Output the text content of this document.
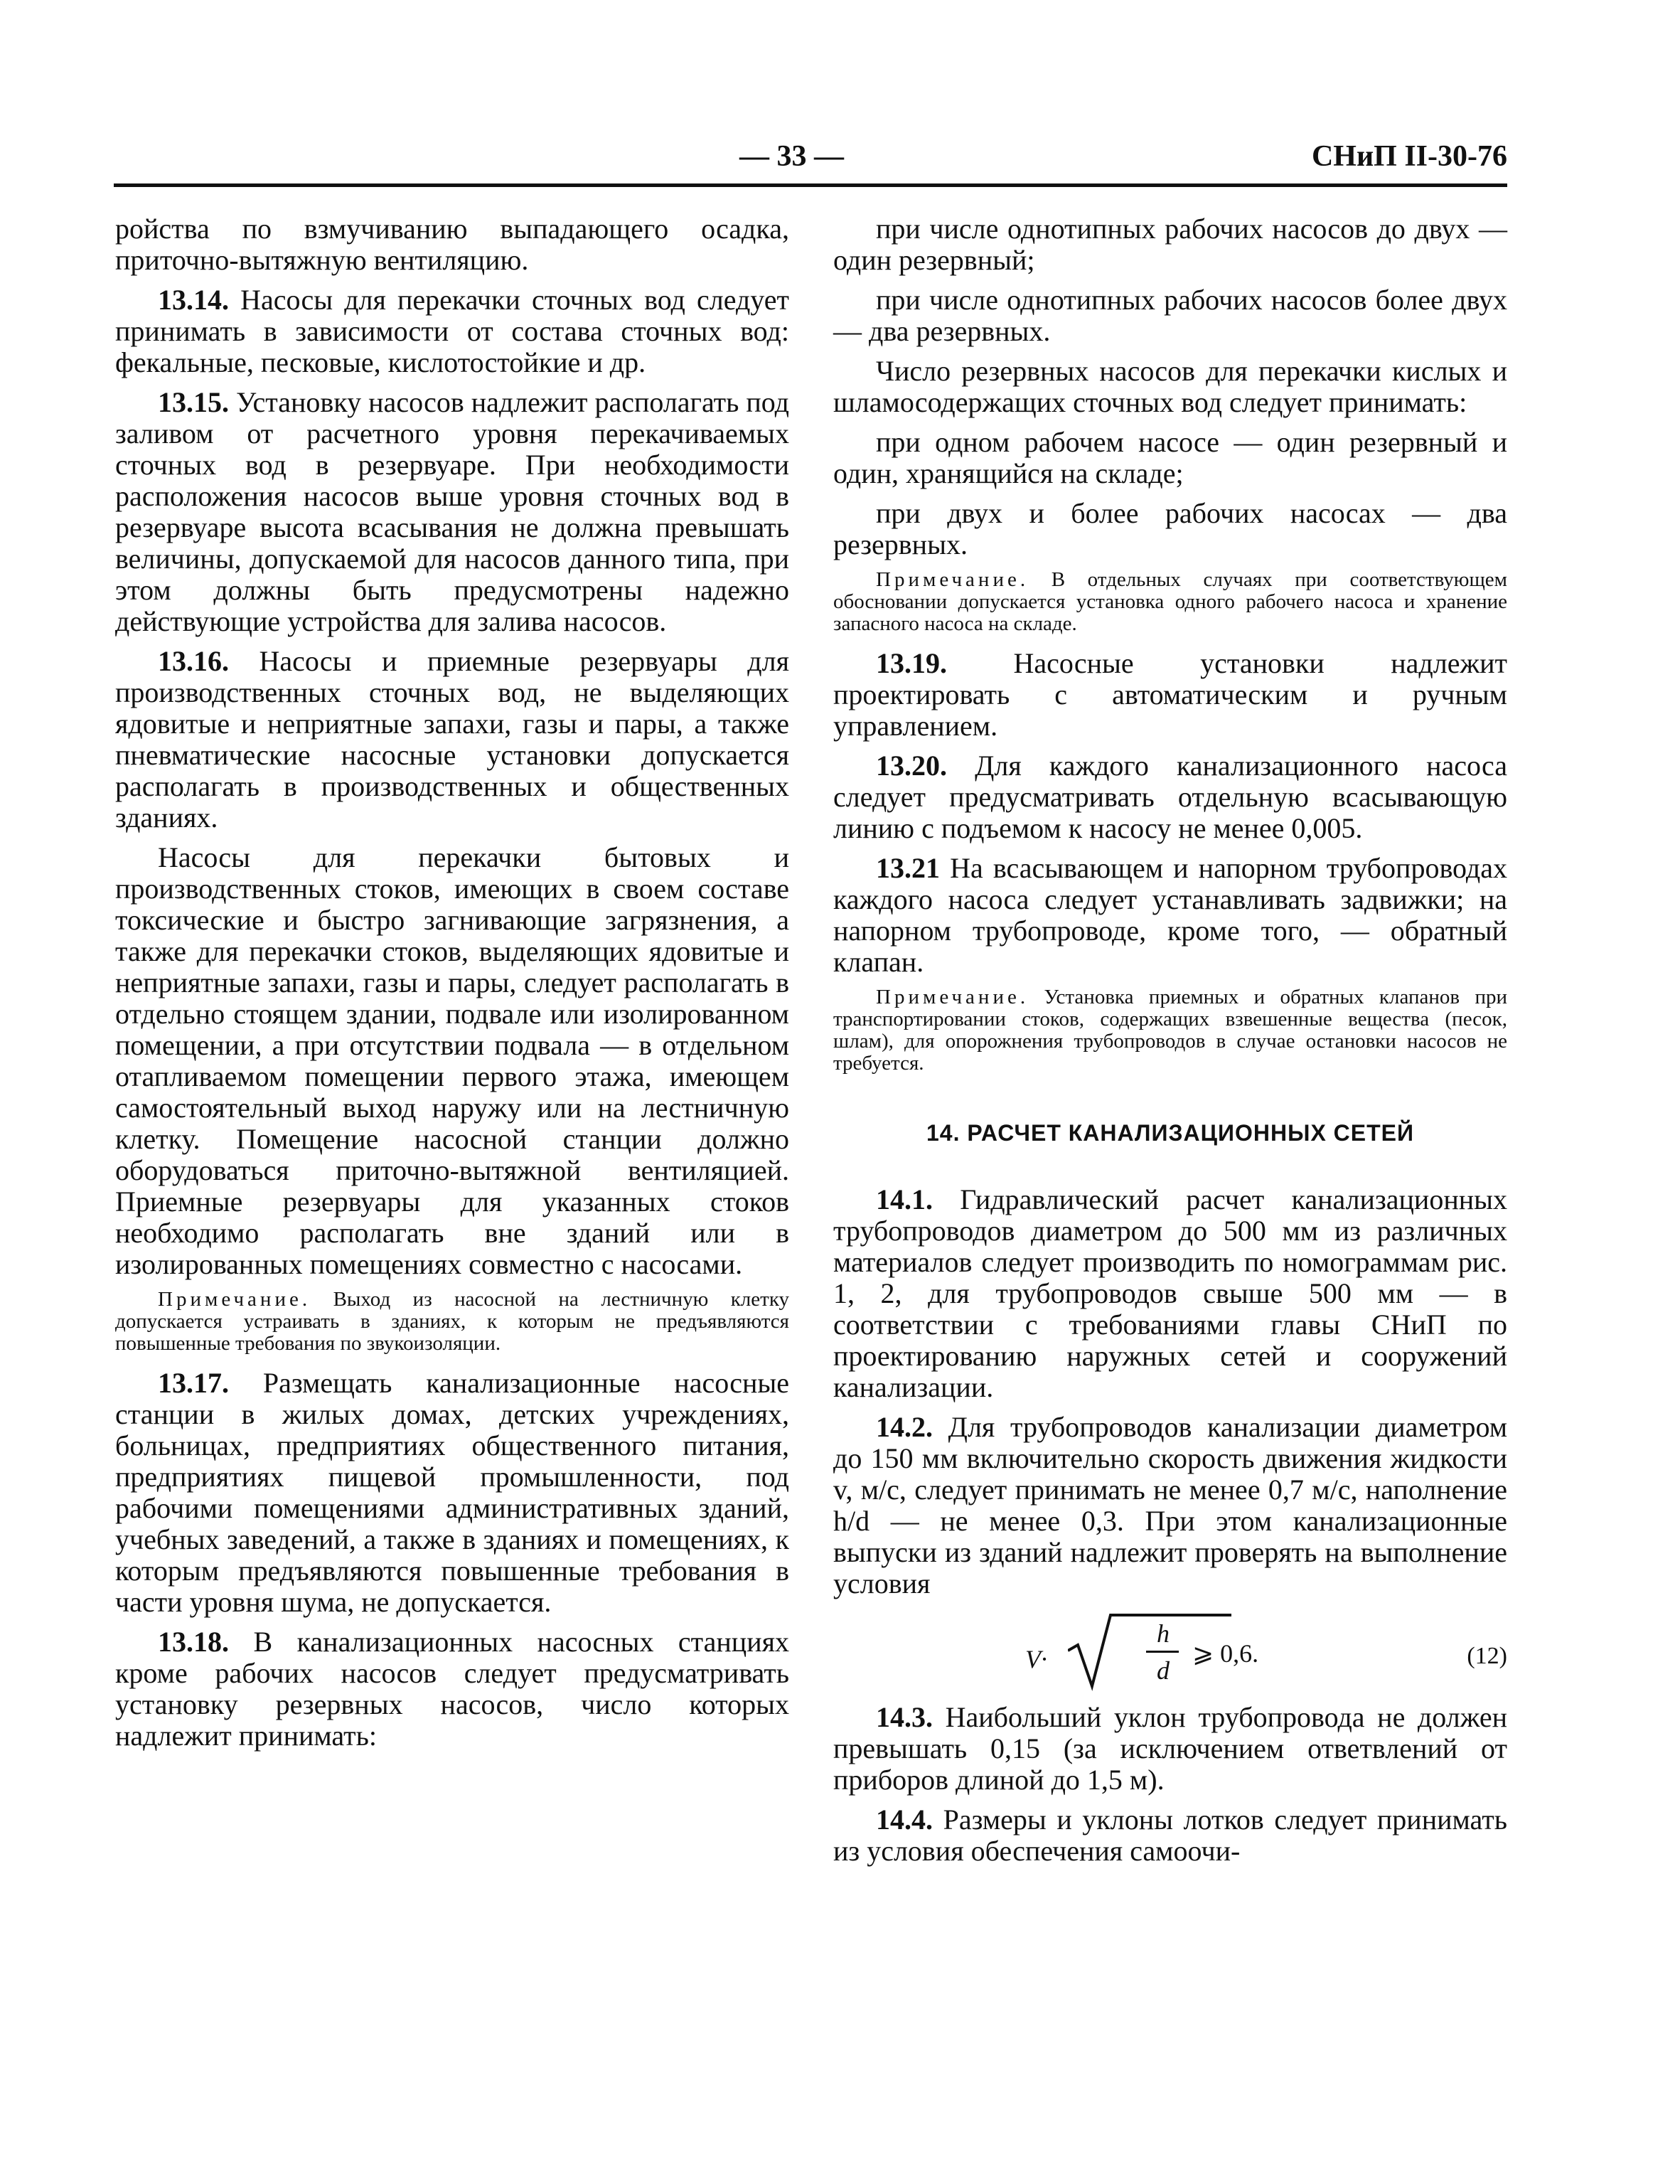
— 33 —	СНиП II-30-76

ройства по взмучиванию выпадающего осадка, приточно-вытяжную вентиляцию.

13.14. Насосы для перекачки сточных вод следует принимать в зависимости от состава сточных вод: фекальные, песковые, кислотостойкие и др.

13.15. Установку насосов надлежит располагать под заливом от расчетного уровня перекачиваемых сточных вод в резервуаре. При необходимости расположения насосов выше уровня сточных вод в резервуаре высота всасывания не должна превышать величины, допускаемой для насосов данного типа, при этом должны быть предусмотрены надежно действующие устройства для залива насосов.

13.16. Насосы и приемные резервуары для производственных сточных вод, не выделяющих ядовитые и неприятные запахи, газы и пары, а также пневматические насосные установки допускается располагать в производственных и общественных зданиях.

Насосы для перекачки бытовых и производственных стоков, имеющих в своем составе токсические и быстро загнивающие загрязнения, а также для перекачки стоков, выделяющих ядовитые и неприятные запахи, газы и пары, следует располагать в отдельно стоящем здании, подвале или изолированном помещении, а при отсутствии подвала — в отдельном отапливаемом помещении первого этажа, имеющем самостоятельный выход наружу или на лестничную клетку. Помещение насосной станции должно оборудоваться приточно-вытяжной вентиляцией. Приемные резервуары для указанных стоков необходимо располагать вне зданий или в изолированных помещениях совместно с насосами.

Примечание. Выход из насосной на лестничную клетку допускается устраивать в зданиях, к которым не предъявляются повышенные требования по звукоизоляции.

13.17. Размещать канализационные насосные станции в жилых домах, детских учреждениях, больницах, предприятиях общественного питания, предприятиях пищевой промышленности, под рабочими помещениями административных зданий, учебных заведений, а также в зданиях и помещениях, к которым предъявляются повышенные требования в части уровня шума, не допускается.

13.18. В канализационных насосных станциях кроме рабочих насосов следует предусматривать установку резервных насосов, число которых надлежит принимать:

при числе однотипных рабочих насосов до двух — один резервный;

при числе однотипных рабочих насосов более двух — два резервных.

Число резервных насосов для перекачки кислых и шламосодержащих сточных вод следует принимать:

при одном рабочем насосе — один резервный и один, хранящийся на складе;

при двух и более рабочих насосах — два резервных.

Примечание. В отдельных случаях при соответствующем обосновании допускается установка одного рабочего насоса и хранение запасного насоса на складе.

13.19. Насосные установки надлежит проектировать с автоматическим и ручным управлением.

13.20. Для каждого канализационного насоса следует предусматривать отдельную всасывающую линию с подъемом к насосу не менее 0,005.

13.21 На всасывающем и напорном трубопроводах каждого насоса следует устанавливать задвижки; на напорном трубопроводе, кроме того, — обратный клапан.

Примечание. Установка приемных и обратных клапанов при транспортировании стоков, содержащих взвешенные вещества (песок, шлам), для опорожнения трубопроводов в случае остановки насосов не требуется.

14. РАСЧЕТ КАНАЛИЗАЦИОННЫХ СЕТЕЙ

14.1. Гидравлический расчет канализационных трубопроводов диаметром до 500 мм из различных материалов следует производить по номограммам рис. 1, 2, для трубопроводов свыше 500 мм — в соответствии с требованиями главы СНиП по проектированию наружных сетей и сооружений канализации.

14.2. Для трубопроводов канализации диаметром до 150 мм включительно скорость движения жидкости v, м/с, следует принимать не менее 0,7 м/с, наполнение h/d — не менее 0,3. При этом канализационные выпуски из зданий надлежит проверять на выполнение условия

V·
h
d
⩾ 0,6.	(12)

14.3. Наибольший уклон трубопровода не должен превышать 0,15 (за исключением ответвлений от приборов длиной до 1,5 м).

14.4. Размеры и уклоны лотков следует принимать из условия обеспечения самоочи-
